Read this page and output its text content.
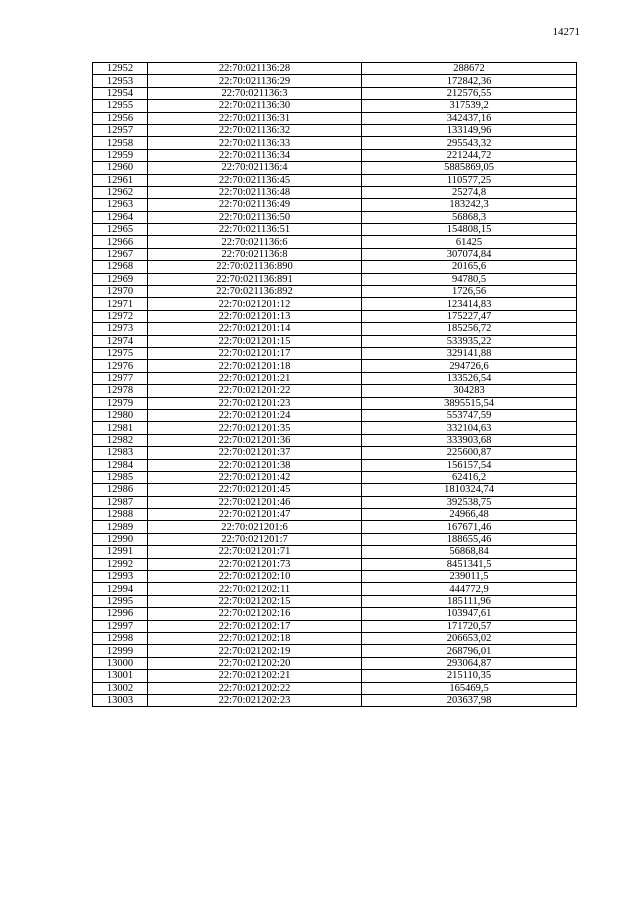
14271
12952	22:70:021136:28	288672
12953	22:70:021136:29	172842,36
12954	22:70:021136:3	212576,55
12955	22:70:021136:30	317539,2
12956	22:70:021136:31	342437,16
12957	22:70:021136:32	133149,96
12958	22:70:021136:33	295543,32
12959	22:70:021136:34	221244,72
12960	22:70:021136:4	5885869,05
12961	22:70:021136:45	110577,25
12962	22:70:021136:48	25274,8
12963	22:70:021136:49	183242,3
12964	22:70:021136:50	56868,3
12965	22:70:021136:51	154808,15
12966	22:70:021136:6	61425
12967	22:70:021136:8	307074,84
12968	22:70:021136:890	20165,6
12969	22:70:021136:891	94780,5
12970	22:70:021136:892	1726,56
12971	22:70:021201:12	123414,83
12972	22:70:021201:13	175227,47
12973	22:70:021201:14	185256,72
12974	22:70:021201:15	533935,22
12975	22:70:021201:17	329141,88
12976	22:70:021201:18	294726,6
12977	22:70:021201:21	133526,54
12978	22:70:021201:22	304283
12979	22:70:021201:23	3895515,54
12980	22:70:021201:24	553747,59
12981	22:70:021201:35	332104,63
12982	22:70:021201:36	333903,68
12983	22:70:021201:37	225600,87
12984	22:70:021201:38	156157,54
12985	22:70:021201:42	62416,2
12986	22:70:021201:45	1810324,74
12987	22:70:021201:46	392538,75
12988	22:70:021201:47	24966,48
12989	22:70:021201:6	167671,46
12990	22:70:021201:7	188655,46
12991	22:70:021201:71	56868,84
12992	22:70:021201:73	8451341,5
12993	22:70:021202:10	239011,5
12994	22:70:021202:11	444772,9
12995	22:70:021202:15	185111,96
12996	22:70:021202:16	103947,61
12997	22:70:021202:17	171720,57
12998	22:70:021202:18	206653,02
12999	22:70:021202:19	268796,01
13000	22:70:021202:20	293064,87
13001	22:70:021202:21	215110,35
13002	22:70:021202:22	165469,5
13003	22:70:021202:23	203637,98
